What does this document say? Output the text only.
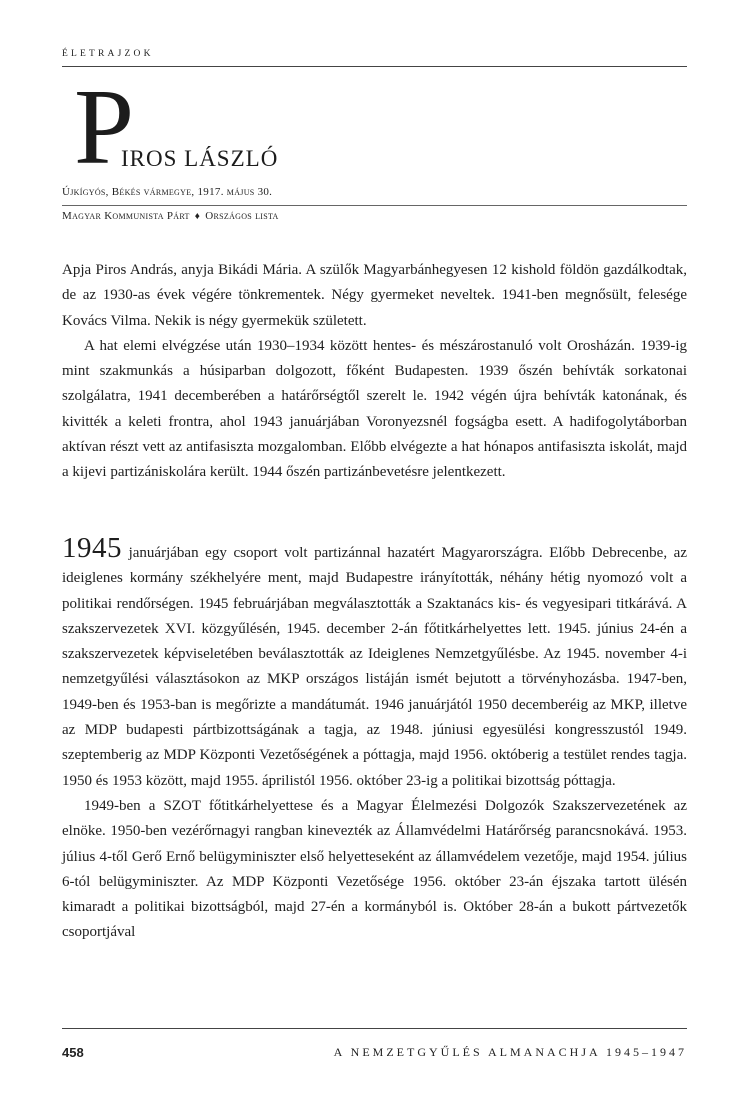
ÉLETRAJZOK
P
IROS LÁSZLÓ
Újkígyós, Békés vármegye, 1917. május 30.
Magyar Kommunista Párt ♦ Országos lista

Apja Piros András, anyja Bikádi Mária. A szülők Magyarbánhegyesen 12 kishold földön gazdálkodtak, de az 1930-as évek végére tönkrementek. Négy gyermeket neveltek. 1941-ben megnősült, felesége Kovács Vilma. Nekik is négy gyermekük született.

A hat elemi elvégzése után 1930–1934 között hentes- és mészárostanuló volt Orosházán. 1939-ig mint szakmunkás a húsiparban dolgozott, főként Budapesten. 1939 őszén behívták sorkatonai szolgálatra, 1941 decemberében a határőrségtől szerelt le. 1942 végén újra behívták katonának, és kivitték a keleti frontra, ahol 1943 januárjában Voronyezsnél fogságba esett. A hadifogolytáborban aktívan részt vett az antifasiszta mozgalomban. Előbb elvégezte a hat hónapos antifasiszta iskolát, majd a kijevi partizániskolára került. 1944 őszén partizánbevetésre jelentkezett.

1945 januárjában egy csoport volt partizánnal hazatért Magyarországra. Előbb Debrecenbe, az ideiglenes kormány székhelyére ment, majd Budapestre irányították, néhány hétig nyomozó volt a politikai rendőrségen. 1945 februárjában megválasztották a Szaktanács kis- és vegyesipari titkárává. A szakszervezetek XVI. közgyűlésén, 1945. december 2-án főtitkárhelyettes lett. 1945. június 24-én a szakszervezetek képviseletében beválasztották az Ideiglenes Nemzetgyűlésbe. Az 1945. november 4-i nemzetgyűlési választásokon az MKP országos listáján ismét bejutott a törvényhozásba. 1947-ben, 1949-ben és 1953-ban is megőrizte a mandátumát. 1946 januárjától 1950 decemberéig az MKP, illetve az MDP budapesti pártbizottságának a tagja, az 1948. júniusi egyesülési kongresszustól 1949. szeptemberig az MDP Központi Vezetőségének a póttagja, majd 1956. októberig a testület rendes tagja. 1950 és 1953 között, majd 1955. áprilistól 1956. október 23-ig a politikai bizottság póttagja.

1949-ben a SZOT főtitkárhelyettese és a Magyar Élelmezési Dolgozók Szakszervezetének az elnöke. 1950-ben vezérőrnagyi rangban kinevezték az Államvédelmi Határőrség parancsnokává. 1953. július 4-től Gerő Ernő belügyminiszter első helyetteseként az államvédelem vezetője, majd 1954. július 6-tól belügyminiszter. Az MDP Központi Vezetősége 1956. október 23-án éjszaka tartott ülésén kimaradt a politikai bizottságból, majd 27-én a kormányból is. Október 28-án a bukott pártvezetők csoportjával

458	A NEMZETGYŰLÉS ALMANACHJA 1945–1947
